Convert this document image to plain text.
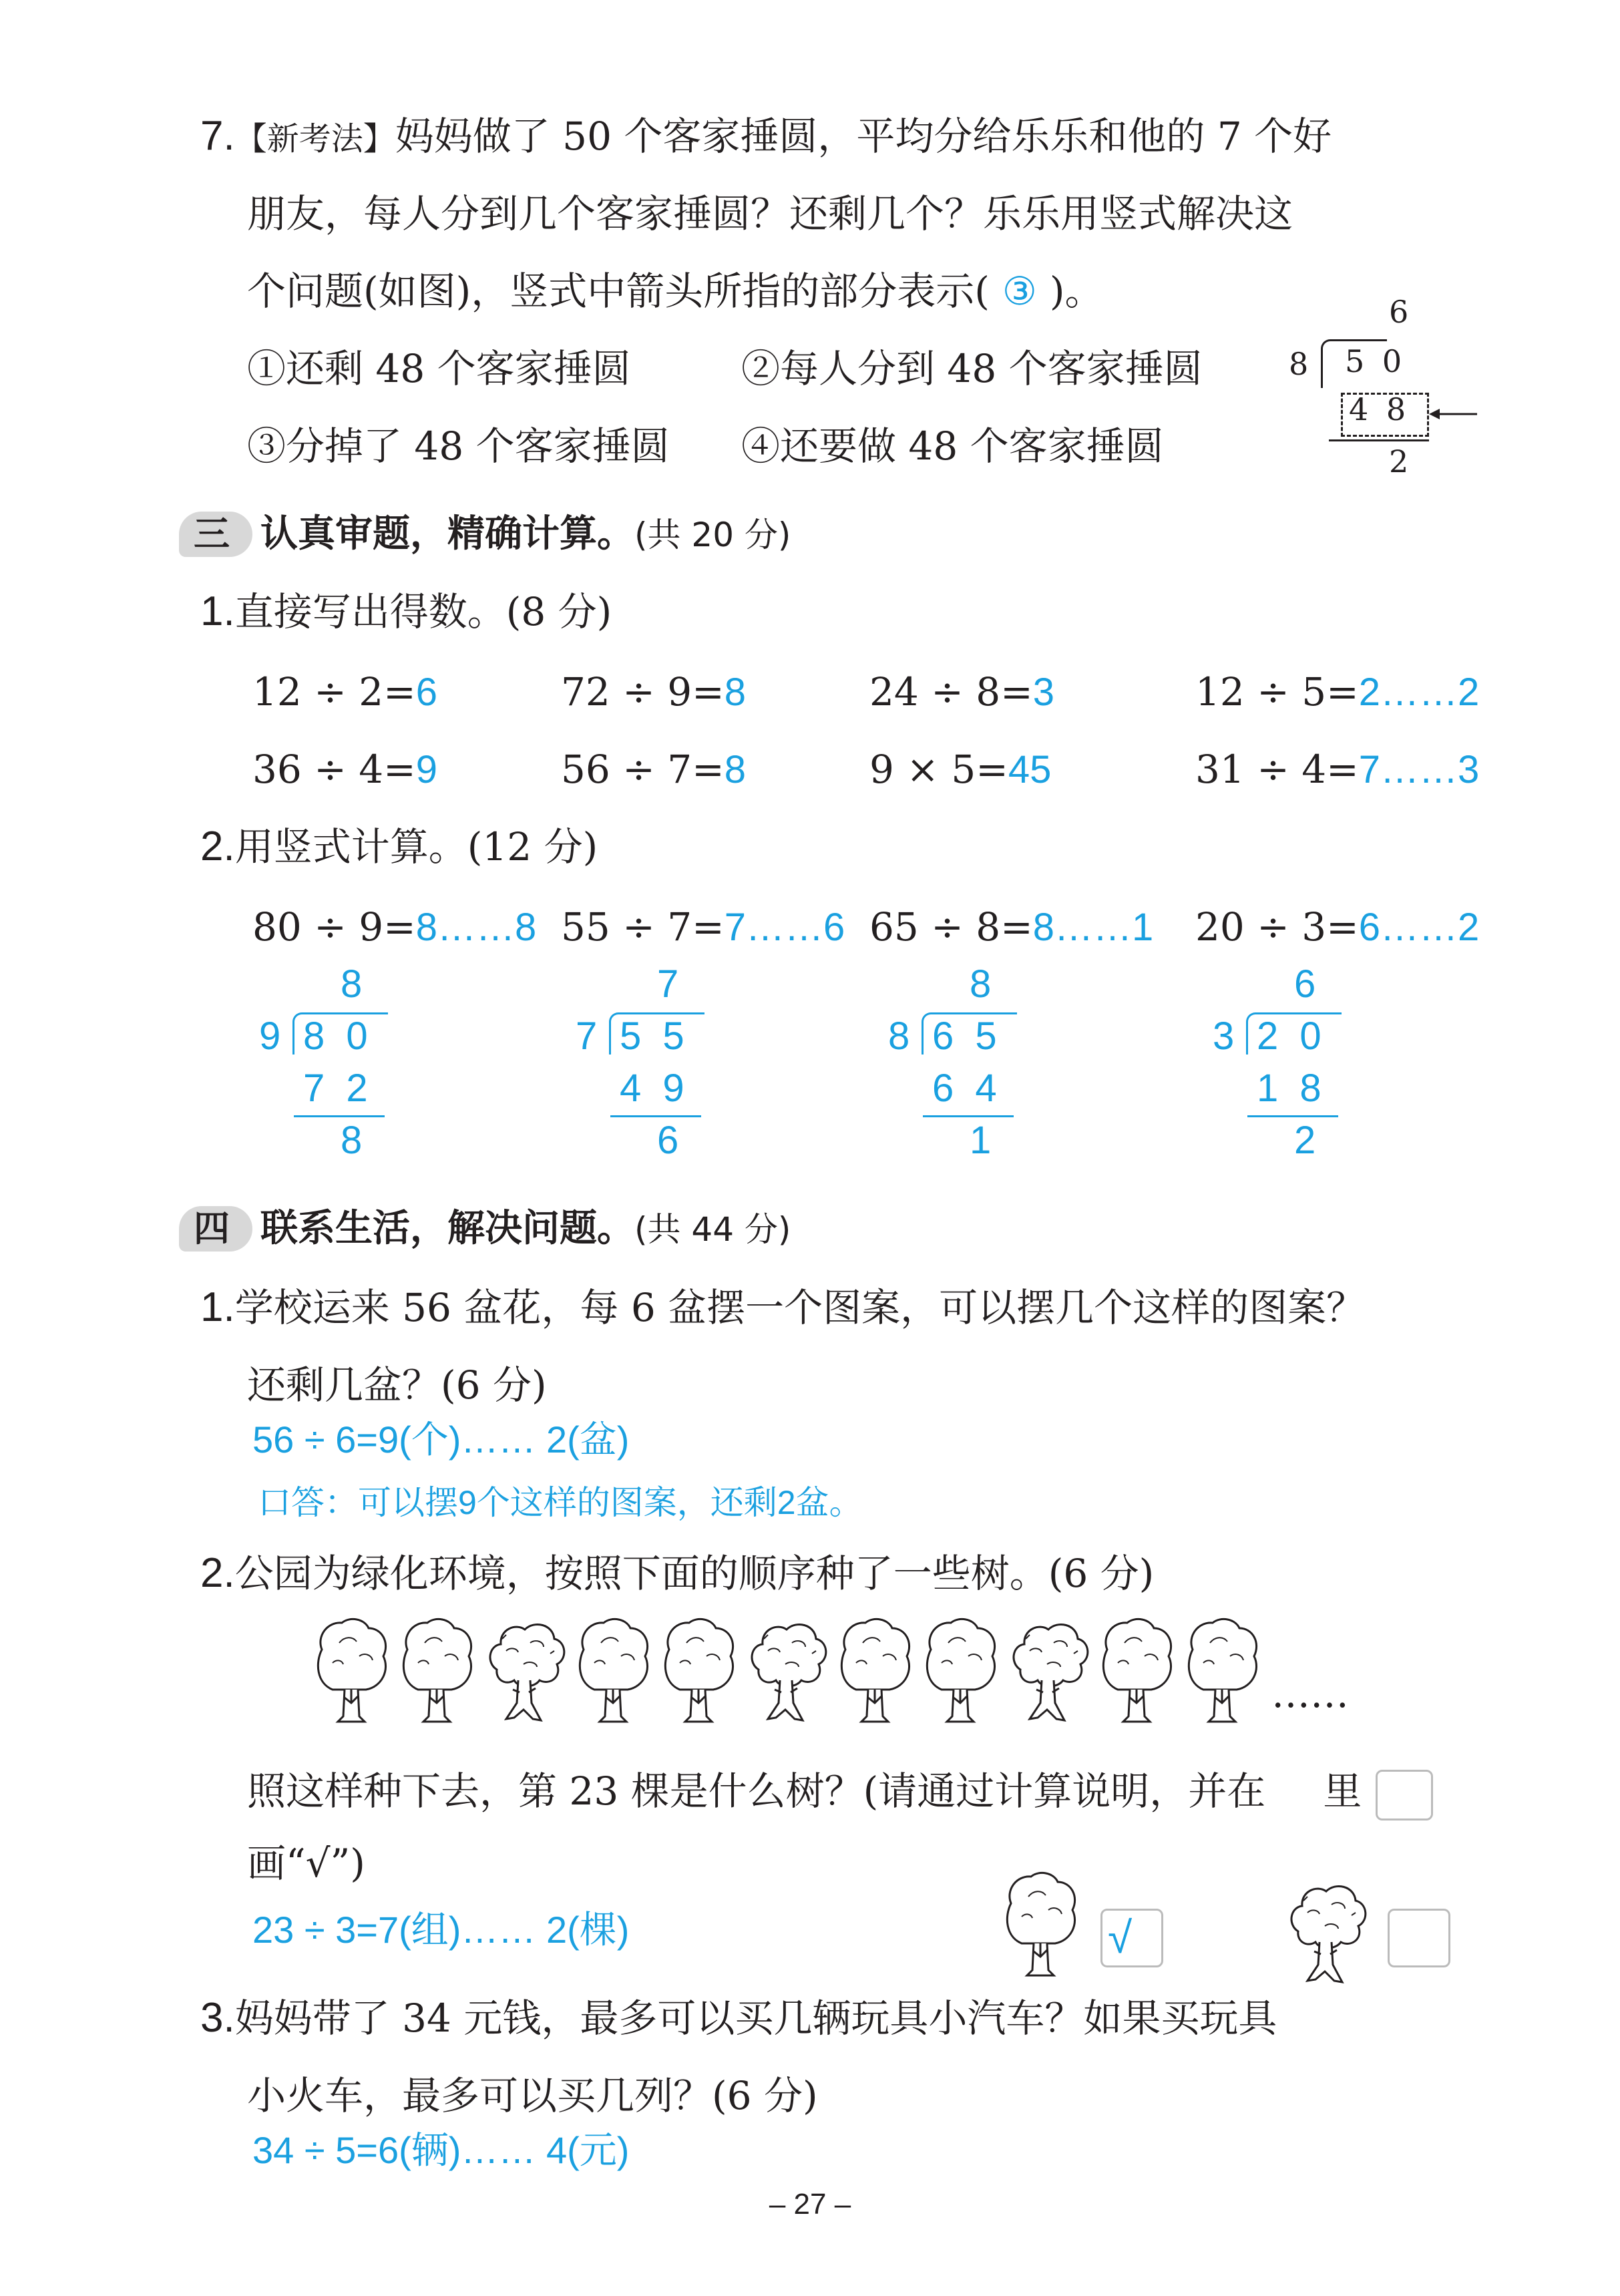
7.【新考法】妈妈做了 50 个客家捶圆，平均分给乐乐和他的 7 个好
朋友，每人分到几个客家捶圆？还剩几个？乐乐用竖式解决这
个问题(如图)，竖式中箭头所指的部分表示( ③ )。
①还剩 48 个客家捶圆	②每人分到 48 个客家捶圆
③分掉了 48 个客家捶圆 ④还要做 48 个客家捶圆
6
8 5 0
4 8
2
三 认真审题，精确计算。(共 20 分)
1.直接写出得数。(8 分)
12 ÷ 2=6	72 ÷ 9=8	24 ÷ 8=3	12 ÷ 5=2……2
36 ÷ 4=9	56 ÷ 7=8	9 × 5=45	31 ÷ 4=7……3
2.用竖式计算。(12 分)
80 ÷ 9=8……8 55 ÷ 7=7……6 65 ÷ 8=8……1 20 ÷ 3=6……2
8
9 8 0
7 2
8
7
7 5 5
4 9
6
8
8 6 5
6 4
1
6
3 2 0
1 8
2
四 联系生活，解决问题。(共 44 分)
1.学校运来 56 盆花，每 6 盆摆一个图案，可以摆几个这样的图案？
还剩几盆？(6 分)
56 ÷ 6=9(个)…… 2(盆)
口答：可以摆9个这样的图案，还剩2盆。
2.公园为绿化环境，按照下面的顺序种了一些树。(6 分)
……
照这样种下去，第 23 棵是什么树？(请通过计算说明，并在 里
画“√”)
23 ÷ 3=7(组)…… 2(棵)	√
3.妈妈带了 34 元钱，最多可以买几辆玩具小汽车？如果买玩具
小火车，最多可以买几列？(6 分)
34 ÷ 5=6(辆)…… 4(元)
– 27 –
